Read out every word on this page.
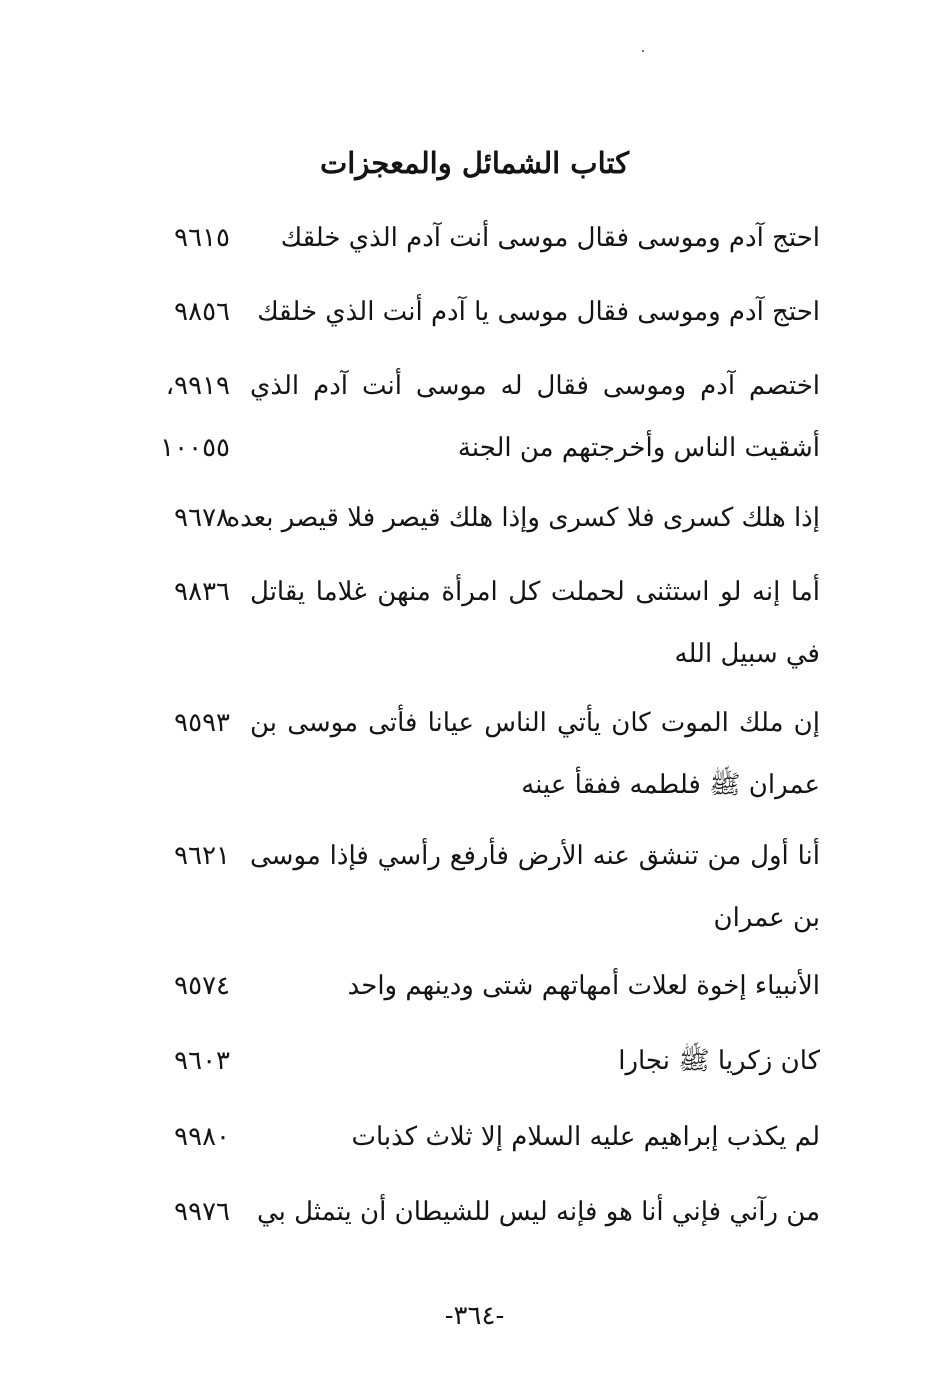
كتاب الشمائل والمعجزات
احتج آدم وموسى فقال موسى أنت آدم الذي خلقك
٩٦١٥
احتج آدم وموسى فقال موسى يا آدم أنت الذي خلقك
٩٨٥٦
اختصم آدم وموسى فقال له موسى أنت آدم الذي أشقيت الناس وأخرجتهم من الجنة
٩٩١٩،
١٠٠٥٥
إذا هلك كسرى فلا كسرى وإذا هلك قيصر فلا قيصر بعده
٩٦٧٨
أما إنه لو استثنى لحملت كل امرأة منهن غلاما يقاتل في سبيل الله
٩٨٣٦
إن ملك الموت كان يأتي الناس عيانا فأتى موسى بن عمران ﷺ فلطمه ففقأ عينه
٩٥٩٣
أنا أول من تنشق عنه الأرض فأرفع رأسي فإذا موسى بن عمران
٩٦٢١
الأنبياء إخوة لعلات أمهاتهم شتى ودينهم واحد
٩٥٧٤
كان زكريا ﷺ نجارا
٩٦٠٣
لم يكذب إبراهيم عليه السلام إلا ثلاث كذبات
٩٩٨٠
من رآني فإني أنا هو فإنه ليس للشيطان أن يتمثل بي
٩٩٧٦
-٣٦٤-
